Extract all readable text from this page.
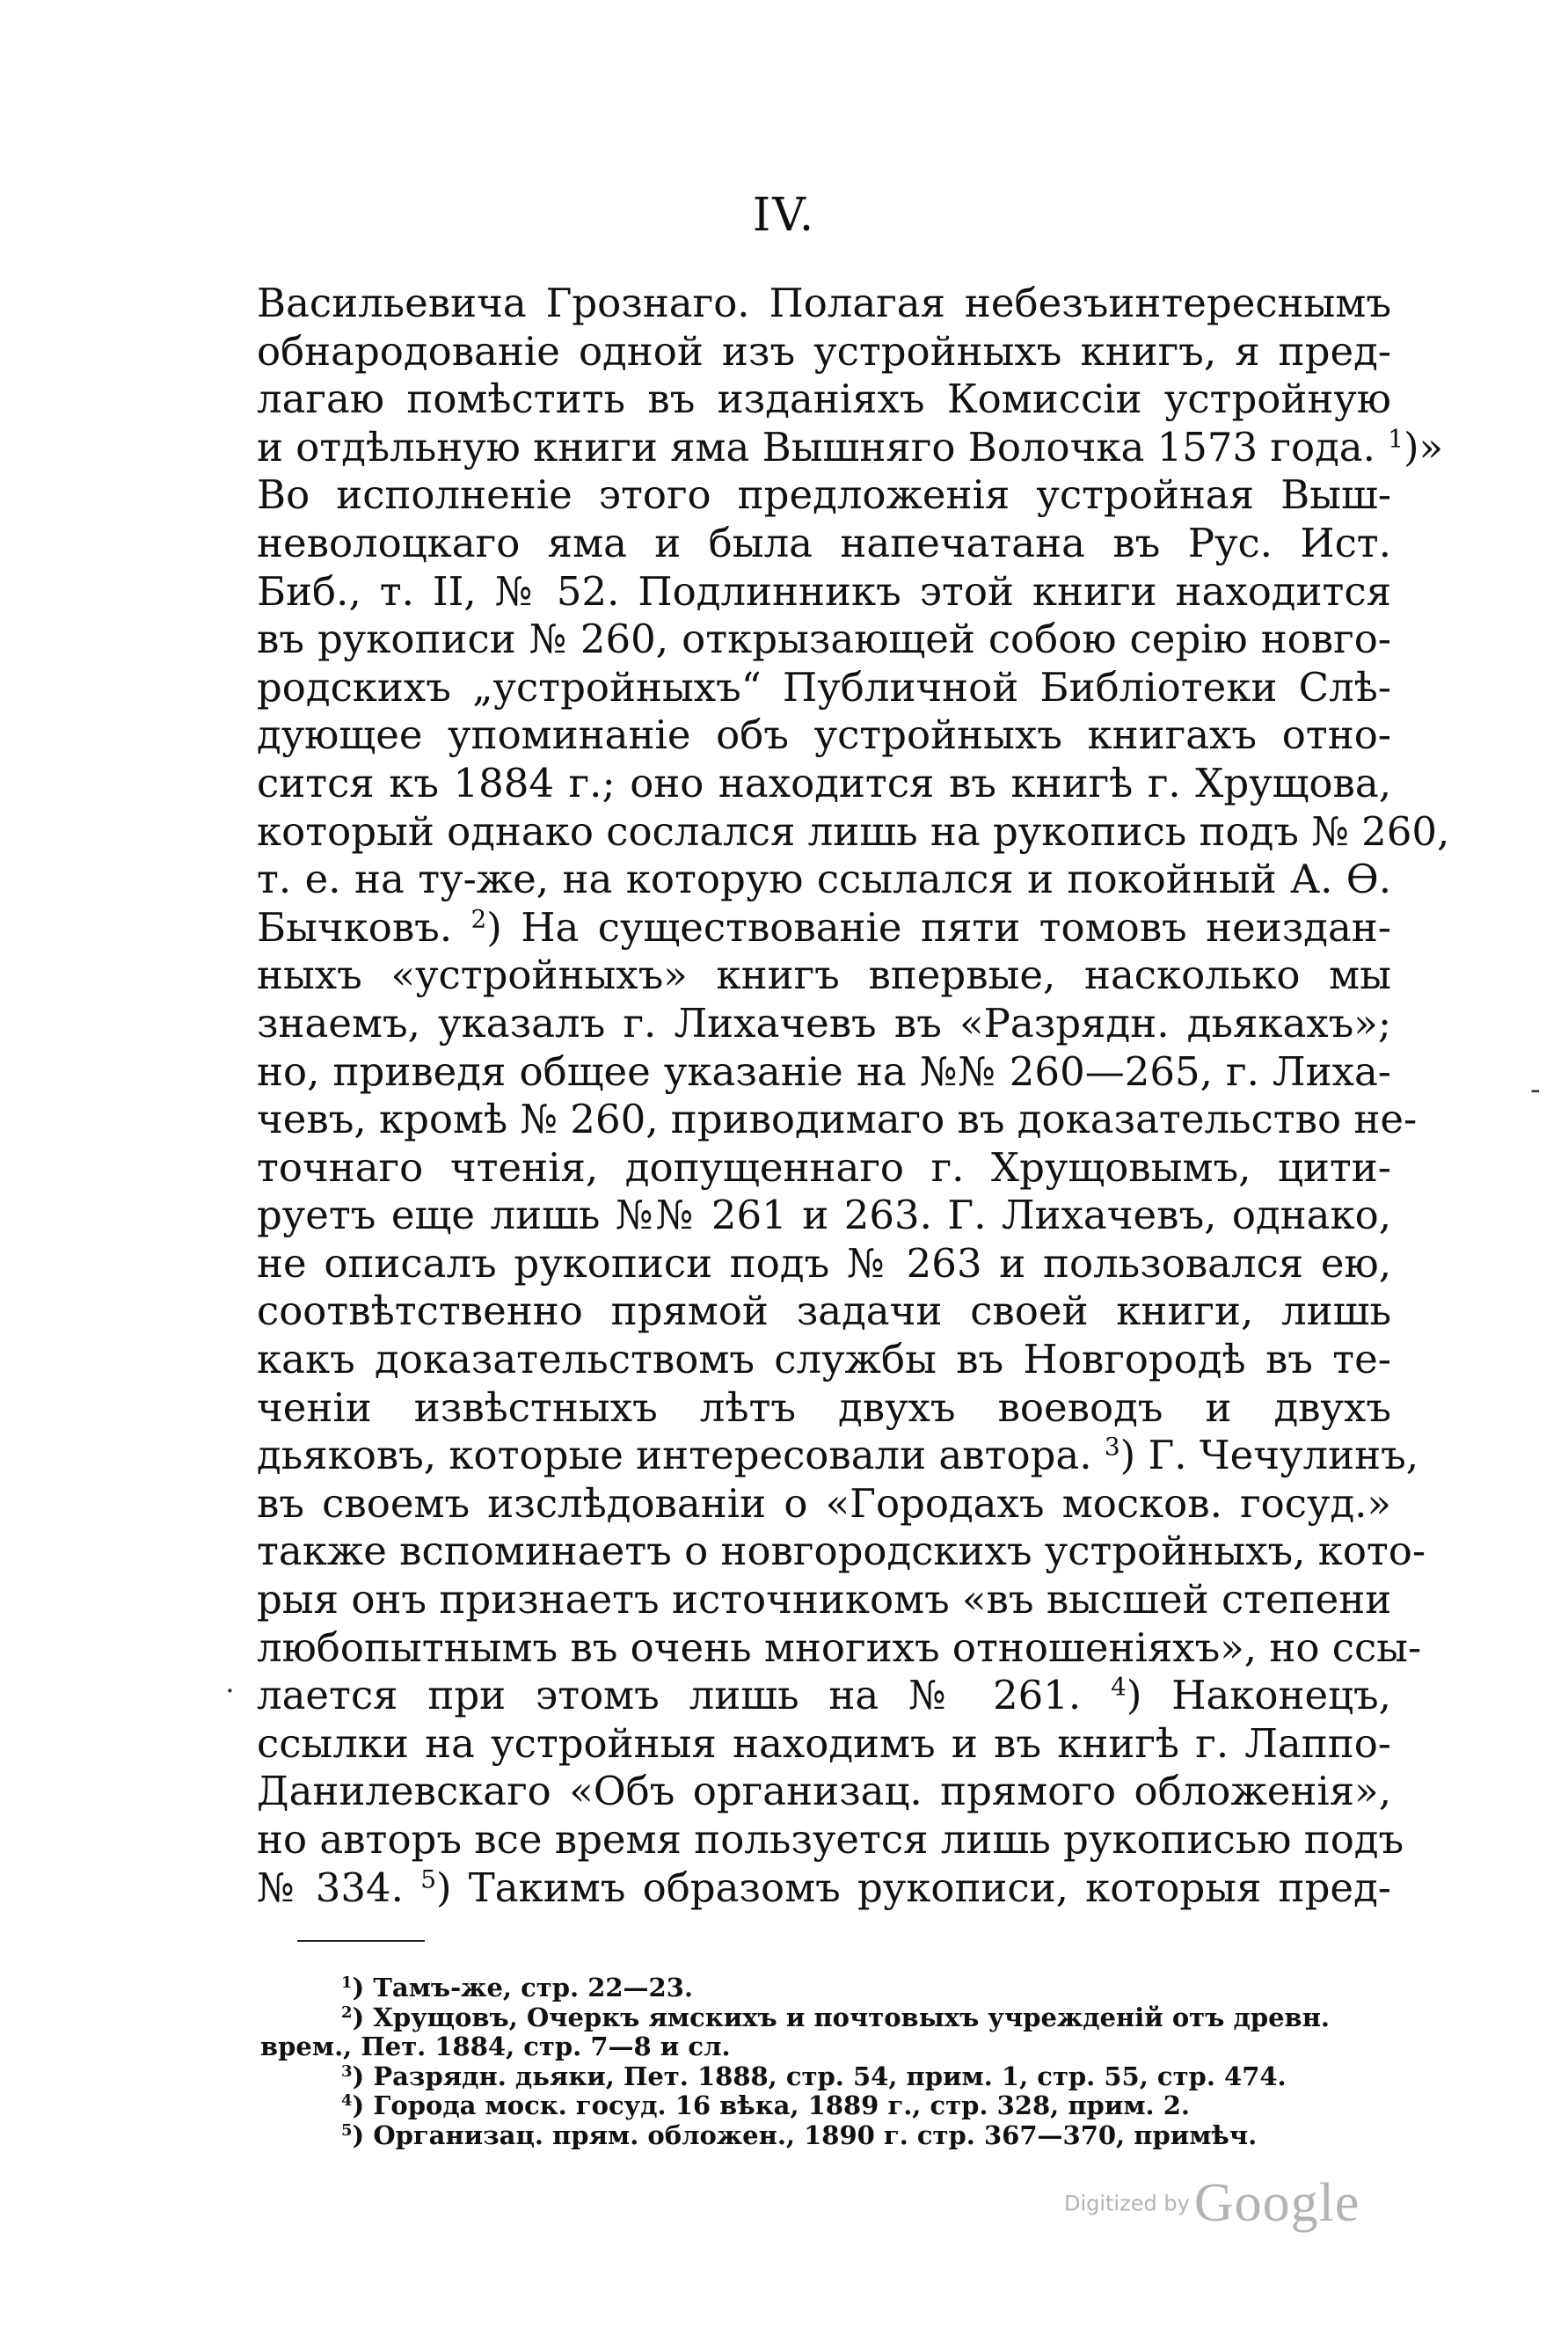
IV.
Васильевича Грознаго. Полагая небезъинтереснымъ
обнародованіе одной изъ устройныхъ книгъ, я пред-
лагаю помѣстить въ изданіяхъ Комиссіи устройную
и отдѣльную книги яма Вышняго Волочка 1573 года. $^1$)»
Во исполненіе этого предложенія устройная Выш-
неволоцкаго яма и была напечатана въ Рус. Ист.
Биб., т. II, № 52. Подлинникъ этой книги находится
въ рукописи № 260, открызающей собою серію новго-
родскихъ „устройныхъ“ Публичной Библіотеки Слѣ-
дующее упоминаніе объ устройныхъ книгахъ отно-
сится къ 1884 г.; оно находится въ книгѣ г. Хрущова,
который однако сослался лишь на рукопись подъ № 260,
т. е. на ту-же, на которую ссылался и покойный А. Ѳ.
Бычковъ. $^2$) На существованіе пяти томовъ неиздан-
ныхъ «устройныхъ» книгъ впервые, насколько мы
знаемъ, указалъ г. Лихачевъ въ «Разрядн. дьякахъ»;
но, приведя общее указаніе на №№ 260—265, г. Лиха-
чевъ, кромѣ № 260, приводимаго въ доказательство не-
точнаго чтенія, допущеннаго г. Хрущовымъ, цити-
руетъ еще лишь №№ 261 и 263. Г. Лихачевъ, однако,
не описалъ рукописи подъ № 263 и пользовался ею,
соотвѣтственно прямой задачи своей книги, лишь
какъ доказательствомъ службы въ Новгородѣ въ те-
ченіи извѣстныхъ лѣтъ двухъ воеводъ и двухъ
дьяковъ, которые интересовали автора. $^3$) Г. Чечулинъ,
въ своемъ изслѣдованіи о «Городахъ москов. госуд.»
также вспоминаетъ о новгородскихъ устройныхъ, кото-
рыя онъ признаетъ источникомъ «въ высшей степени
любопытнымъ въ очень многихъ отношеніяхъ», но ссы-
лается при этомъ лишь на № 261. $^4$) Наконецъ,
ссылки на устройныя находимъ и въ книгѣ г. Лаппо-
Данилевскаго «Объ организац. прямого обложенія»,
но авторъ все время пользуется лишь рукописью подъ
№ 334. $^5$) Такимъ образомъ рукописи, которыя пред-
-
.
$^1$) Тамъ-же, стр. 22—23.
$^2$) Хрущовъ, Очеркъ ямскихъ и почтовыхъ учрежденій отъ древн.
врем., Пет. 1884, стр. 7—8 и сл.
$^3$) Разрядн. дьяки, Пет. 1888, стр. 54, прим. 1, стр. 55, стр. 474.
$^4$) Города моск. госуд. 16 вѣка, 1889 г., стр. 328, прим. 2.
$^5$) Организац. прям. обложен., 1890 г. стр. 367—370, примѣч.
Digitized by Google
